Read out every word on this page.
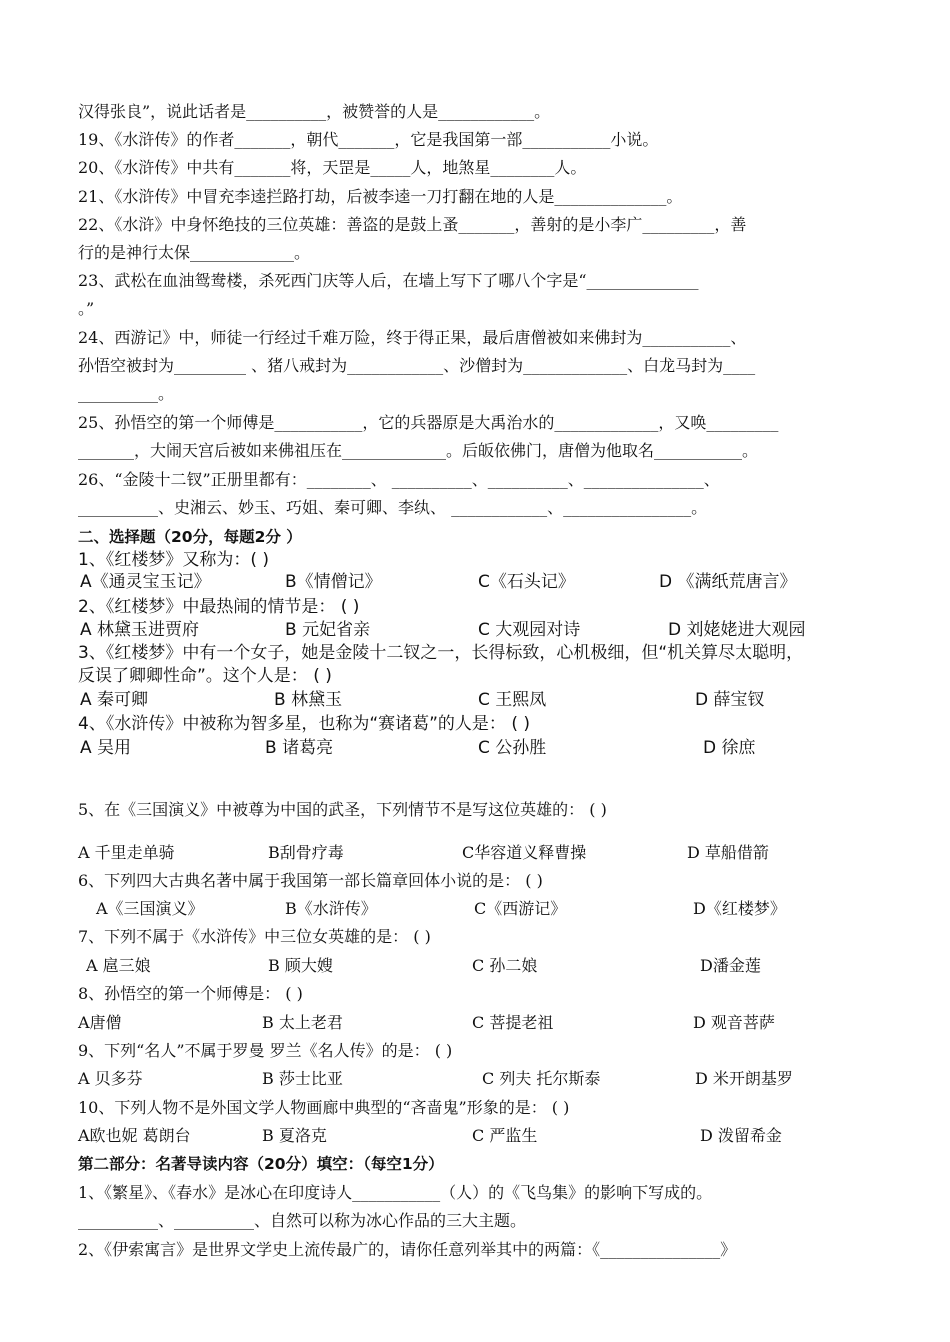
汉得张良”，说此话者是__________，被赞誉的人是____________。
19、《水浒传》的作者_______，朝代_______，它是我国第一部___________小说。
20、《水浒传》中共有_______将，天罡是_____人，地煞星________人。
21、《水浒传》中冒充李逵拦路打劫，后被李逵一刀打翻在地的人是______________。
22、《水浒》中身怀绝技的三位英雄：善盗的是鼓上蚤_______，善射的是小李广_________，善
行的是神行太保_____________。
23、武松在血油鸳鸯楼，杀死西门庆等人后，在墙上写下了哪八个字是“______________
。”
24、西游记》中，师徒一行经过千难万险，终于得正果，最后唐僧被如来佛封为___________、
孙悟空被封为_________ 、猪八戒封为____________、沙僧封为_____________、白龙马封为____
__________。
25、孙悟空的第一个师傅是___________，它的兵器原是大禹治水的_____________，又唤_________
_______，大闹天宫后被如来佛祖压在_____________。后皈依佛门，唐僧为他取名___________。
26、“金陵十二钗”正册里都有：________、 __________、__________、_______________、
__________、史湘云、妙玉、巧姐、秦可卿、李纨、 ____________、________________。
二、选择题（20分，每题2分 ）
1、《红楼梦》又称为：( )
A《通灵宝玉记》	B《情僧记》	C《石头记》	D 《满纸荒唐言》
2、《红楼梦》中最热闹的情节是： ( )
A 林黛玉进贾府	B 元妃省亲	C 大观园对诗	D 刘姥姥进大观园
3、《红楼梦》中有一个女子，她是金陵十二钗之一，长得标致，心机极细，但“机关算尽太聪明，
反误了卿卿性命”。这个人是： ( )
A 秦可卿	B 林黛玉	C 王熙凤	D 薛宝钗
4、《水浒传》中被称为智多星，也称为“赛诸葛”的人是： ( )
A 吴用	B 诸葛亮	C 公孙胜	D 徐庶
5、在《三国演义》中被尊为中国的武圣，下列情节不是写这位英雄的： ( )
A 千里走单骑	B刮骨疗毒	C华容道义释曹操	D 草船借箭
6、下列四大古典名著中属于我国第一部长篇章回体小说的是： ( )
A《三国演义》	B《水浒传》	C《西游记》	D《红楼梦》
7、下列不属于《水浒传》中三位女英雄的是： ( )
A 扈三娘	B 顾大嫂	C 孙二娘	D潘金莲
8、孙悟空的第一个师傅是： ( )
A唐僧	B 太上老君	C 菩提老祖	D 观音菩萨
9、下列“名人”不属于罗曼 罗兰《名人传》的是： ( )
A 贝多芬	B 莎士比亚	C 列夫 托尔斯泰	D 米开朗基罗
10、下列人物不是外国文学人物画廊中典型的“吝啬鬼”形象的是： ( )
A欧也妮 葛朗台	B 夏洛克	C 严监生	D 泼留希金
第二部分：名著导读内容（20分）填空：（每空1分）
1、《繁星》、《春水》是冰心在印度诗人___________（人）的《飞鸟集》的影响下写成的。
__________、__________、自然可以称为冰心作品的三大主题。
2、《伊索寓言》是世界文学史上流传最广的，请你任意列举其中的两篇：《_______________》
